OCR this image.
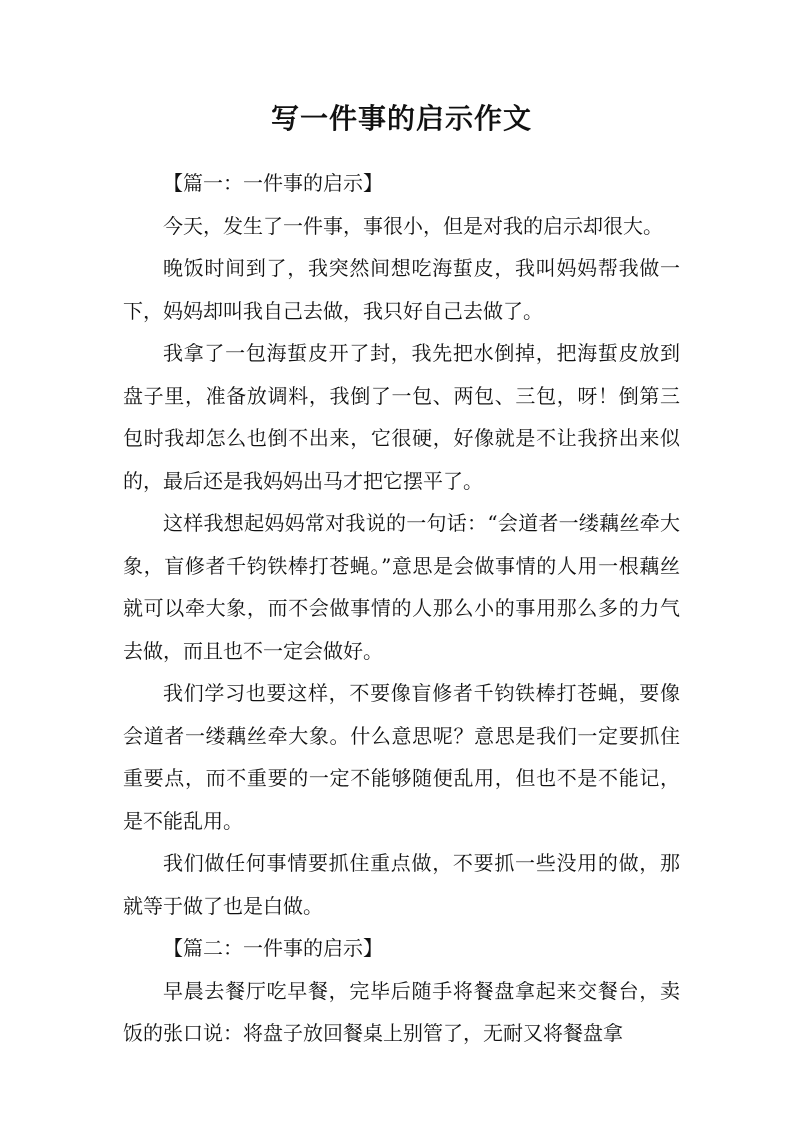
写一件事的启示作文

【篇一：一件事的启示】

今天，发生了一件事，事很小，但是对我的启示却很大。

晚饭时间到了，我突然间想吃海蜇皮，我叫妈妈帮我做一下，妈妈却叫我自己去做，我只好自己去做了。

我拿了一包海蜇皮开了封，我先把水倒掉，把海蜇皮放到盘子里，准备放调料，我倒了一包、两包、三包，呀！倒第三包时我却怎么也倒不出来，它很硬，好像就是不让我挤出来似的，最后还是我妈妈出马才把它摆平了。

这样我想起妈妈常对我说的一句话：“会道者一缕藕丝牵大象，盲修者千钧铁棒打苍蝇。”意思是会做事情的人用一根藕丝就可以牵大象，而不会做事情的人那么小的事用那么多的力气去做，而且也不一定会做好。

我们学习也要这样，不要像盲修者千钧铁棒打苍蝇，要像会道者一缕藕丝牵大象。什么意思呢？意思是我们一定要抓住重要点，而不重要的一定不能够随便乱用，但也不是不能记，是不能乱用。

我们做任何事情要抓住重点做，不要抓一些没用的做，那就等于做了也是白做。

【篇二：一件事的启示】

早晨去餐厅吃早餐，完毕后随手将餐盘拿起来交餐台，卖饭的张口说：将盘子放回餐桌上别管了，无耐又将餐盘拿
